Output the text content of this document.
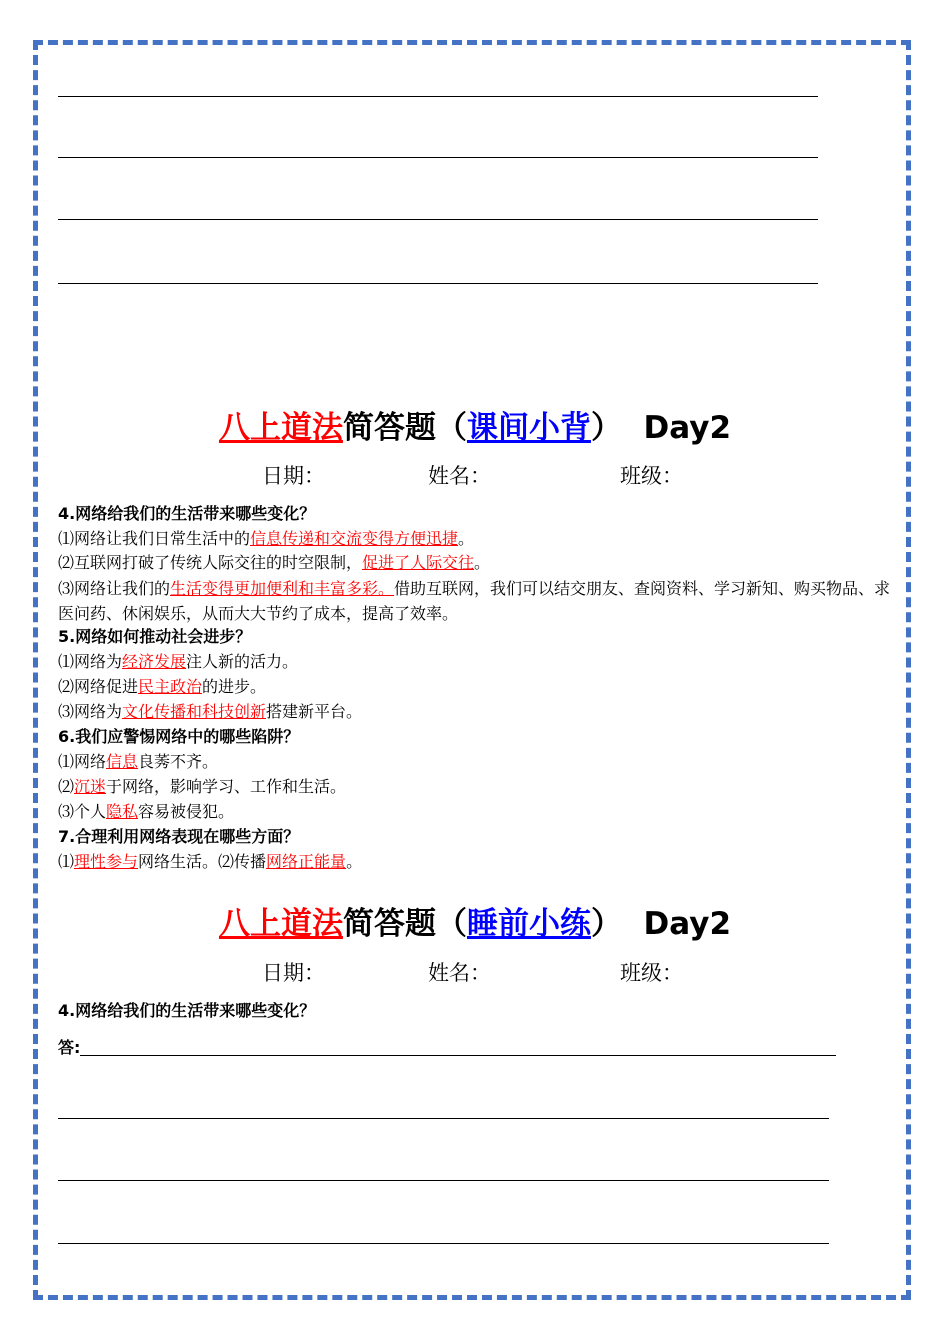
八上道法简答题（课间小背） Day2
日期：	姓名：	班级：
4.网络给我们的生活带来哪些变化？
⑴网络让我们日常生活中的信息传递和交流变得方便迅捷。
⑵互联网打破了传统人际交往的时空限制，促进了人际交往。
⑶网络让我们的生活变得更加便利和丰富多彩。借助互联网，我们可以结交朋友、查阅资料、学习新知、购买物品、求医问药、休闲娱乐，从而大大节约了成本，提高了效率。
5.网络如何推动社会进步？
⑴网络为经济发展注人新的活力。
⑵网络促进民主政治的进步。
⑶网络为文化传播和科技创新搭建新平台。
6.我们应警惕网络中的哪些陷阱？
⑴网络信息良莠不齐。
⑵沉迷于网络，影响学习、工作和生活。
⑶个人隐私容易被侵犯。
7.合理利用网络表现在哪些方面？
⑴理性参与网络生活。⑵传播网络正能量。
八上道法简答题（睡前小练） Day2
日期：	姓名：	班级：
4.网络给我们的生活带来哪些变化？
答:
